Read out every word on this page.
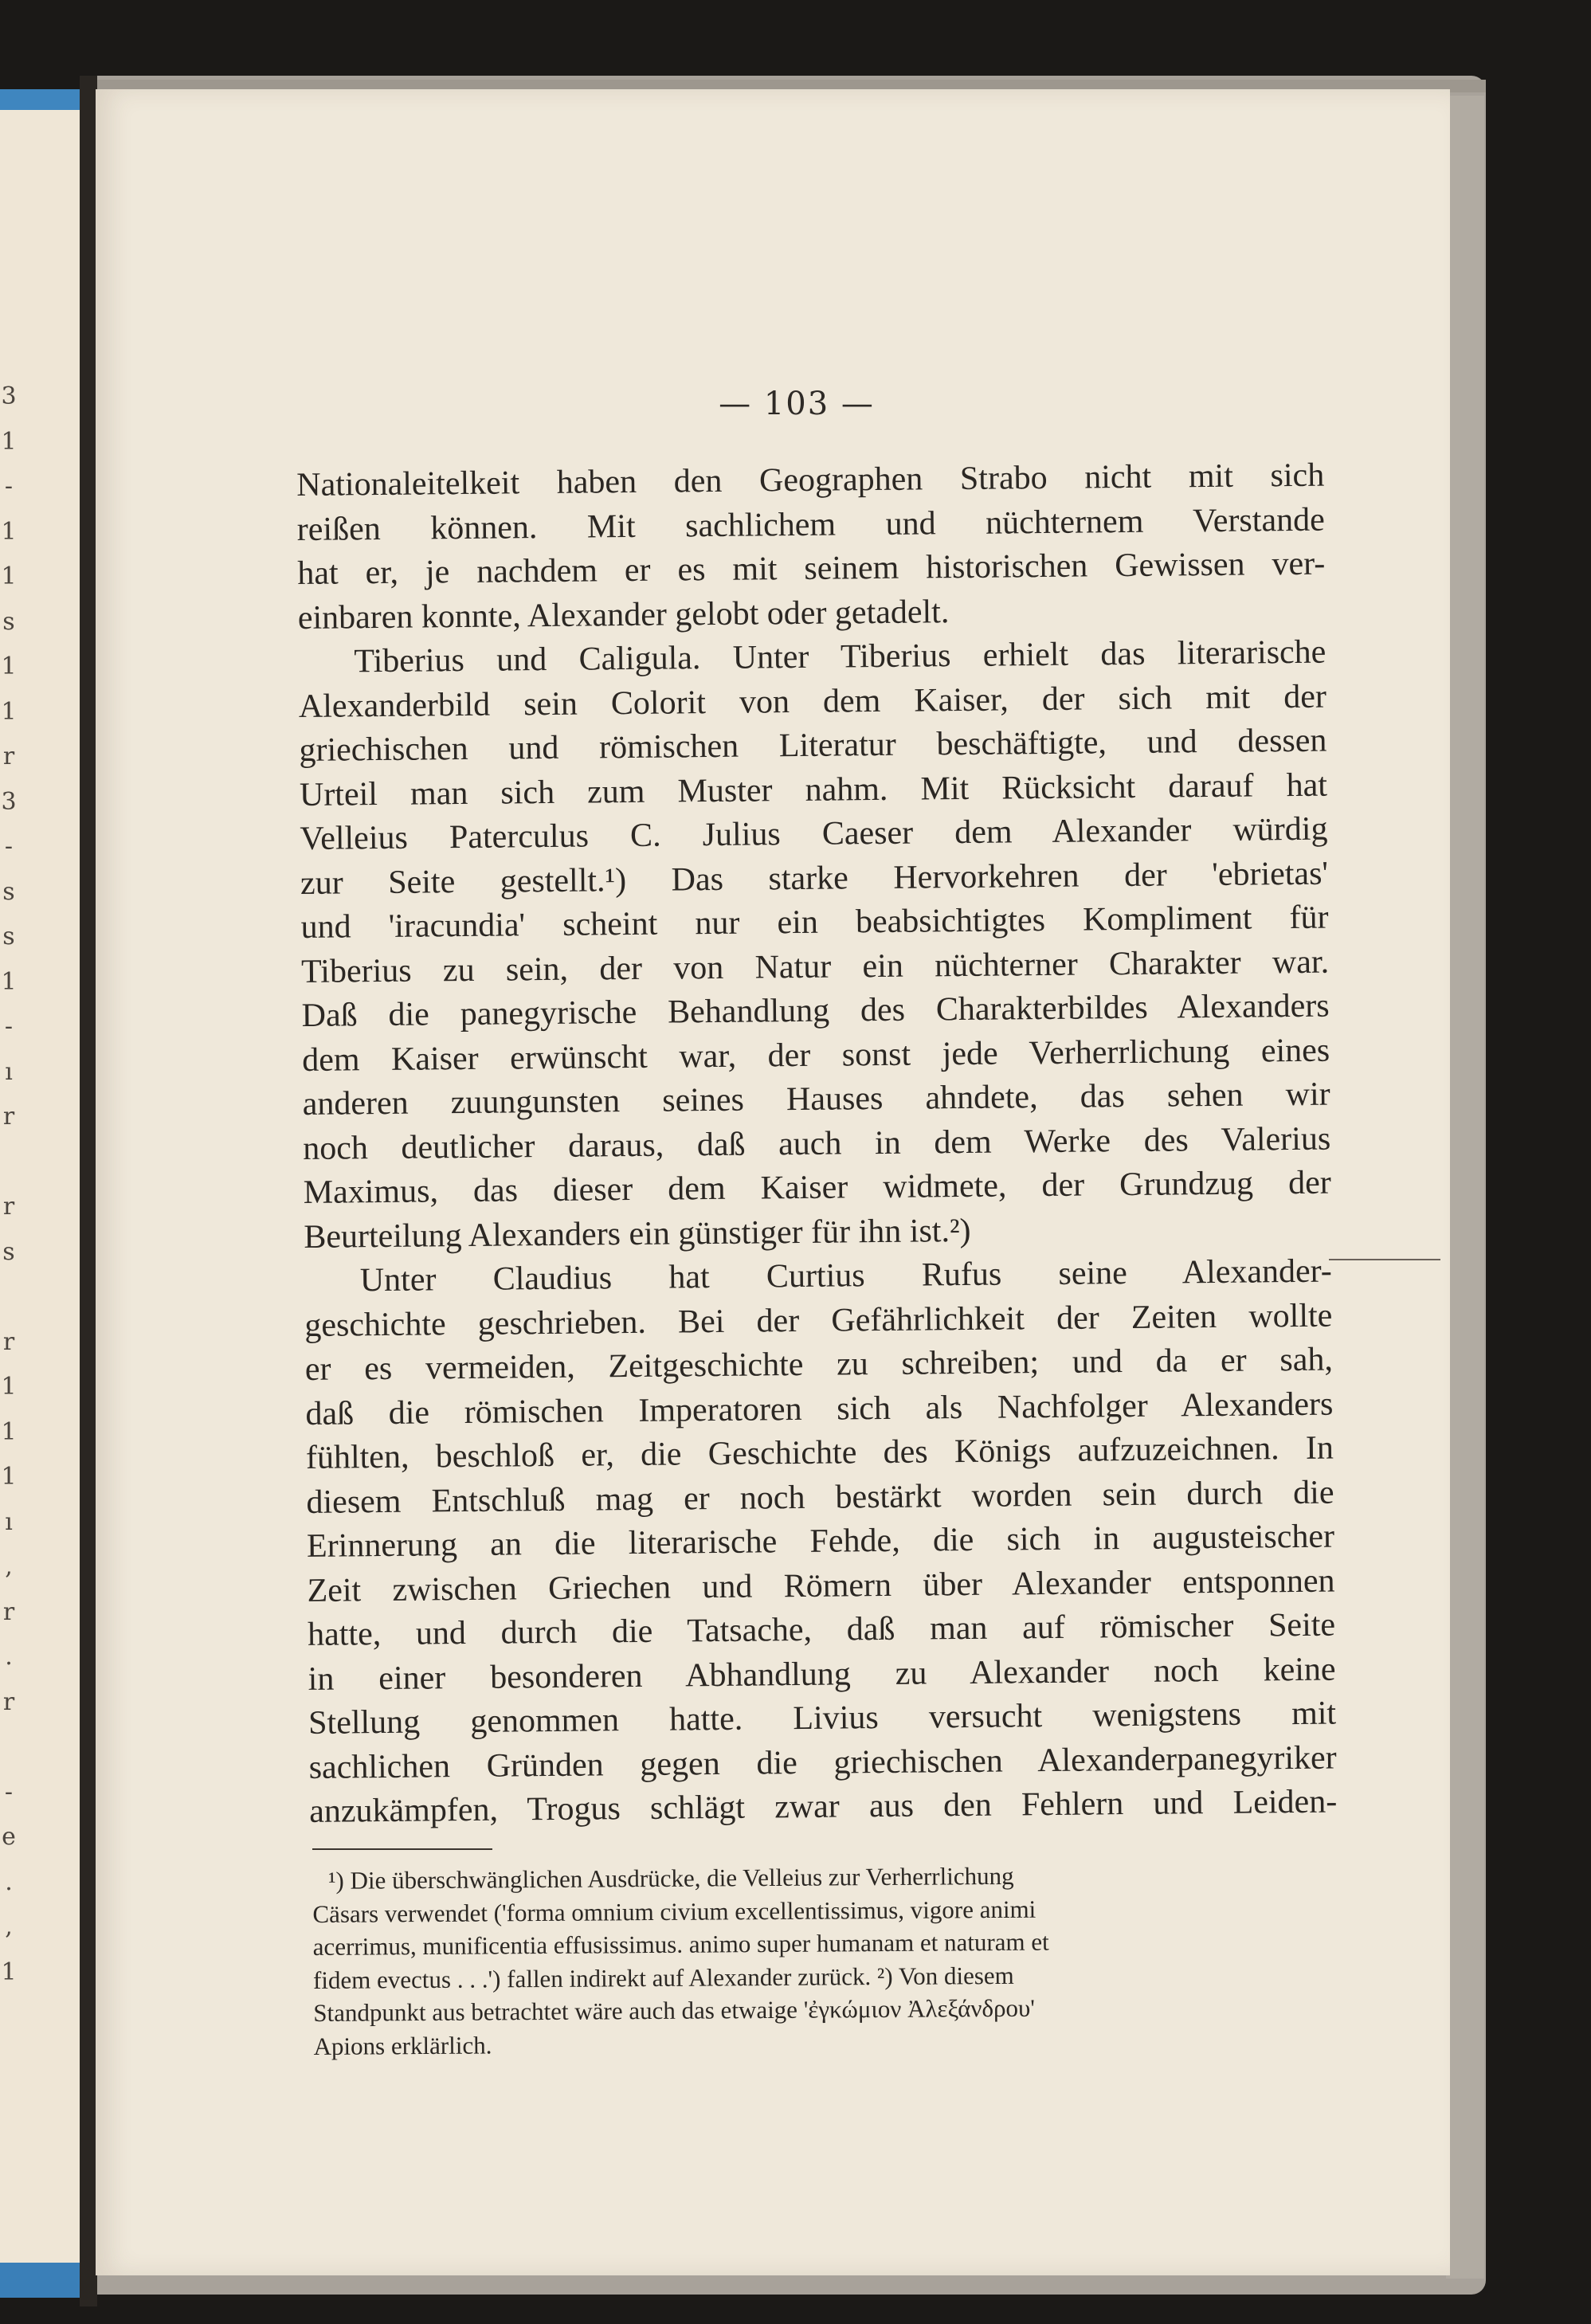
3
1
-
1
1
s
1
1
r
3
-
s
s
1
-
ı
r

r
s

r
1
1
1
ı
,
r
.
r

-
e
.
,
1
— 103 —

Nationaleitelkeit haben den Geographen Strabo nicht mit sich

reißen können. Mit sachlichem und nüchternem Verstande

hat er, je nachdem er es mit seinem historischen Gewissen ver-

einbaren konnte, Alexander gelobt oder getadelt.

Tiberius und Caligula. Unter Tiberius erhielt das literarische

Alexanderbild sein Colorit von dem Kaiser, der sich mit der

griechischen und römischen Literatur beschäftigte, und dessen

Urteil man sich zum Muster nahm. Mit Rücksicht darauf hat

Velleius Paterculus C. Julius Caeser dem Alexander würdig

zur Seite gestellt.¹) Das starke Hervorkehren der 'ebrietas'

und 'iracundia' scheint nur ein beabsichtigtes Kompliment für

Tiberius zu sein, der von Natur ein nüchterner Charakter war.

Daß die panegyrische Behandlung des Charakterbildes Alexanders

dem Kaiser erwünscht war, der sonst jede Verherrlichung eines

anderen zuungunsten seines Hauses ahndete, das sehen wir

noch deutlicher daraus, daß auch in dem Werke des Valerius

Maximus, das dieser dem Kaiser widmete, der Grundzug der

Beurteilung Alexanders ein günstiger für ihn ist.²)

Unter Claudius hat Curtius Rufus seine Alexander-

geschichte geschrieben. Bei der Gefährlichkeit der Zeiten wollte

er es vermeiden, Zeitgeschichte zu schreiben; und da er sah,

daß die römischen Imperatoren sich als Nachfolger Alexanders

fühlten, beschloß er, die Geschichte des Königs aufzuzeichnen. In

diesem Entschluß mag er noch bestärkt worden sein durch die

Erinnerung an die literarische Fehde, die sich in augusteischer

Zeit zwischen Griechen und Römern über Alexander entsponnen

hatte, und durch die Tatsache, daß man auf römischer Seite

in einer besonderen Abhandlung zu Alexander noch keine

Stellung genommen hatte. Livius versucht wenigstens mit

sachlichen Gründen gegen die griechischen Alexanderpanegyriker

anzukämpfen, Trogus schlägt zwar aus den Fehlern und Leiden-

¹) Die überschwänglichen Ausdrücke, die Velleius zur Verherrlichung

Cäsars verwendet ('forma omnium civium excellentissimus, vigore animi

acerrimus, munificentia effusissimus. animo super humanam et naturam et

fidem evectus . . .') fallen indirekt auf Alexander zurück. ²) Von diesem

Standpunkt aus betrachtet wäre auch das etwaige 'ἐγκώμιον Ἀλεξάνδρου'

Apions erklärlich.
